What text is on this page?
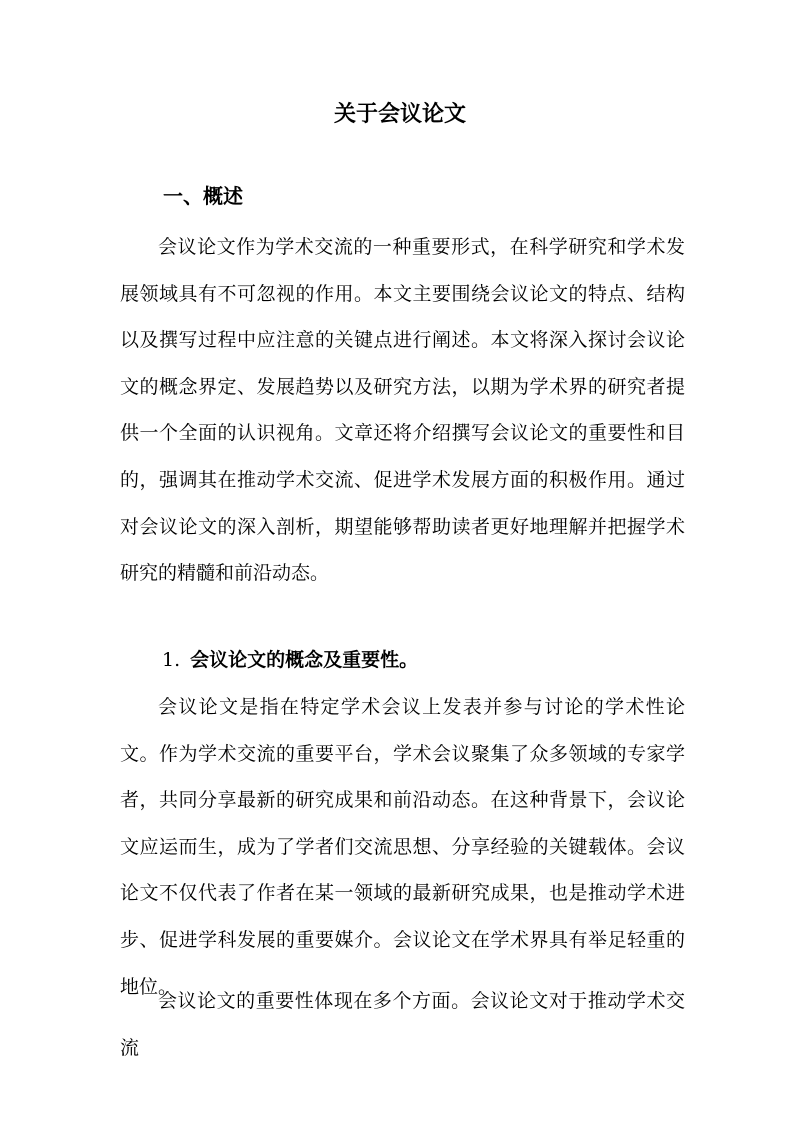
关于会议论文
一、概述

会议论文作为学术交流的一种重要形式，在科学研究和学术发展领域具有不可忽视的作用。本文主要围绕会议论文的特点、结构以及撰写过程中应注意的关键点进行阐述。本文将深入探讨会议论文的概念界定、发展趋势以及研究方法，以期为学术界的研究者提供一个全面的认识视角。文章还将介绍撰写会议论文的重要性和目的，强调其在推动学术交流、促进学术发展方面的积极作用。通过对会议论文的深入剖析，期望能够帮助读者更好地理解并把握学术研究的精髓和前沿动态。

1. 会议论文的概念及重要性。

会议论文是指在特定学术会议上发表并参与讨论的学术性论文。作为学术交流的重要平台，学术会议聚集了众多领域的专家学者，共同分享最新的研究成果和前沿动态。在这种背景下，会议论文应运而生，成为了学者们交流思想、分享经验的关键载体。会议论文不仅代表了作者在某一领域的最新研究成果，也是推动学术进步、促进学科发展的重要媒介。会议论文在学术界具有举足轻重的地位。

会议论文的重要性体现在多个方面。会议论文对于推动学术交流
